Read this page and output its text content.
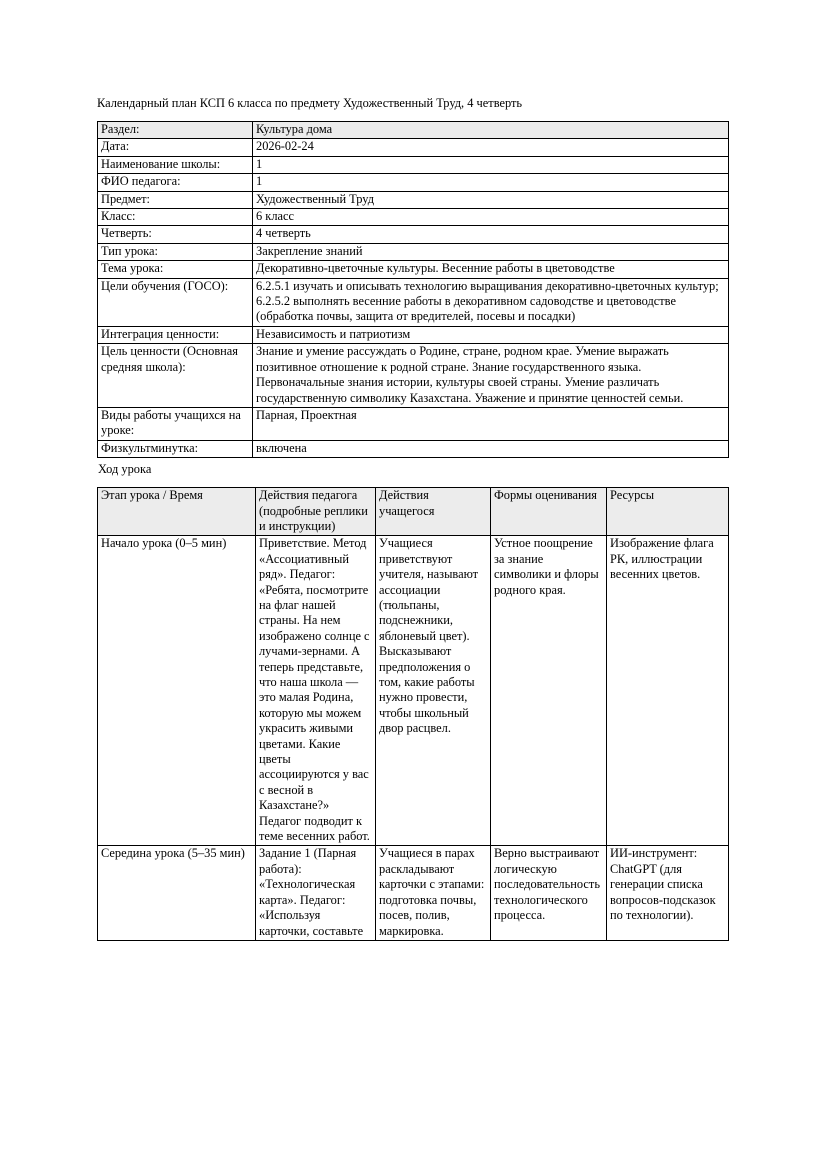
Календарный план КСП 6 класса по предмету Художественный Труд, 4 четверть

Раздел:	Культура дома
Дата:	2026-02-24
Наименование школы:	1
ФИО педагога:	1
Предмет:	Художественный Труд
Класс:	6 класс
Четверть:	4 четверть
Тип урока:	Закрепление знаний
Тема урока:	Декоративно-цветочные культуры. Весенние работы в цветоводстве
Цели обучения (ГОСО):	6.2.5.1 изучать и описывать технологию выращивания декоративно-цветочных культур; 6.2.5.2 выполнять весенние работы в декоративном садоводстве и цветоводстве (обработка почвы, защита от вредителей, посевы и посадки)
Интеграция ценности:	Независимость и патриотизм
Цель ценности (Основная средняя школа):	Знание и умение рассуждать о Родине, стране, родном крае. Умение выражать позитивное отношение к родной стране. Знание государственного языка. Первоначальные знания истории, культуры своей страны. Умение различать государственную символику Казахстана. Уважение и принятие ценностей семьи.
Виды работы учащихся на уроке:	Парная, Проектная
Физкультминутка:	включена

Ход урока

Этап урока / Время	Действия педагога (подробные реплики и инструкции)	Действия учащегося	Формы оценивания	Ресурсы
Начало урока (0–5 мин)	Приветствие. Метод «Ассоциативный ряд». Педагог: «Ребята, посмотрите на флаг нашей страны. На нем изображено солнце с лучами-зернами. А теперь представьте, что наша школа — это малая Родина, которую мы можем украсить живыми цветами. Какие цветы ассоциируются у вас с весной в Казахстане?» Педагог подводит к теме весенних работ.	Учащиеся приветствуют учителя, называют ассоциации (тюльпаны, подснежники, яблоневый цвет). Высказывают предположения о том, какие работы нужно провести, чтобы школьный двор расцвел.	Устное поощрение за знание символики и флоры родного края.	Изображение флага РК, иллюстрации весенних цветов.
Середина урока (5–35 мин)	Задание 1 (Парная работа): «Технологическая карта». Педагог: «Используя карточки, составьте	Учащиеся в парах раскладывают карточки с этапами: подготовка почвы, посев, полив, маркировка.	Верно выстраивают логическую последовательность технологического процесса.	ИИ-инструмент: ChatGPT (для генерации списка вопросов-подсказок по технологии).
